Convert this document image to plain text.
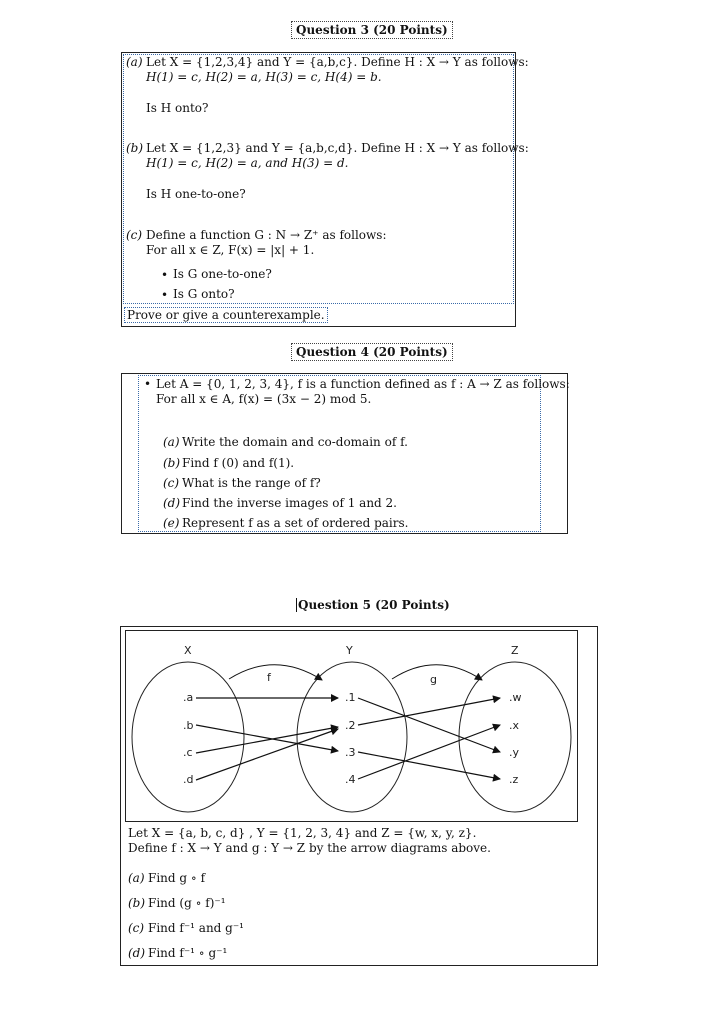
Question 3 (20 Points)
(a) Let X = {1,2,3,4} and Y = {a,b,c}. Define H : X → Y as follows:
H(1) = c, H(2) = a, H(3) = c, H(4) = b.
Is H onto?
(b) Let X = {1,2,3} and Y = {a,b,c,d}. Define H : X → Y as follows:
H(1) = c, H(2) = a, and H(3) = d.
Is H one-to-one?
(c) Define a function G : N → Z⁺ as follows:
For all x ∈ Z, F(x) = |x| + 1.
• Is G one-to-one?
• Is G onto?
Prove or give a counterexample.
Question 4 (20 Points)
• Let A = {0, 1, 2, 3, 4}, f is a function defined as f : A → Z as follows:
For all x ∈ A, f(x) = (3x − 2) mod 5.
(a) Write the domain and co-domain of f.
(b) Find f (0) and f(1).
(c) What is the range of f?
(d) Find the inverse images of 1 and 2.
(e) Represent f as a set of ordered pairs.
Question 5 (20 Points)
X	Y	Z
f	g
.a
.b
.c
.d
.1
.2
.3
.4
.w
.x
.y
.z
Let X = {a, b, c, d} , Y = {1, 2, 3, 4} and Z = {w, x, y, z}.
Define f : X → Y and g : Y → Z by the arrow diagrams above.
(a) Find g ∘ f
(b) Find (g ∘ f)⁻¹
(c) Find f⁻¹ and g⁻¹
(d) Find f⁻¹ ∘ g⁻¹
